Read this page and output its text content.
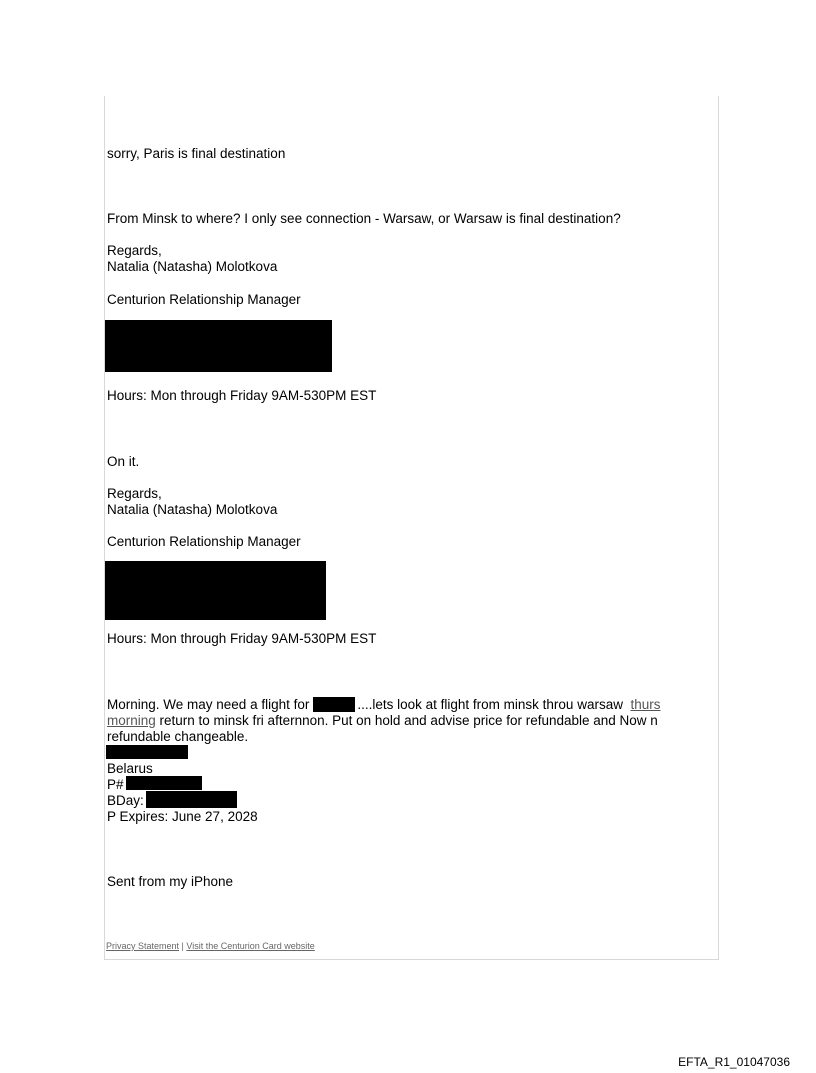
sorry, Paris is final destination
From Minsk to where? I only see connection - Warsaw, or Warsaw is final destination?
Regards,
Natalia (Natasha) Molotkova
Centurion Relationship Manager
Hours: Mon through Friday 9AM-530PM EST
On it.
Regards,
Natalia (Natasha) Molotkova
Centurion Relationship Manager
Hours: Mon through Friday 9AM-530PM EST
Morning. We may need a flight for	....lets look at flight from minsk throu warsaw thurs
morning return to minsk fri afternnon. Put on hold and advise price for refundable and Now n
refundable changeable.
Belarus
P#
BDay:
P Expires: June 27, 2028
Sent from my iPhone
Privacy Statement | Visit the Centurion Card website
EFTA_R1_01047036
